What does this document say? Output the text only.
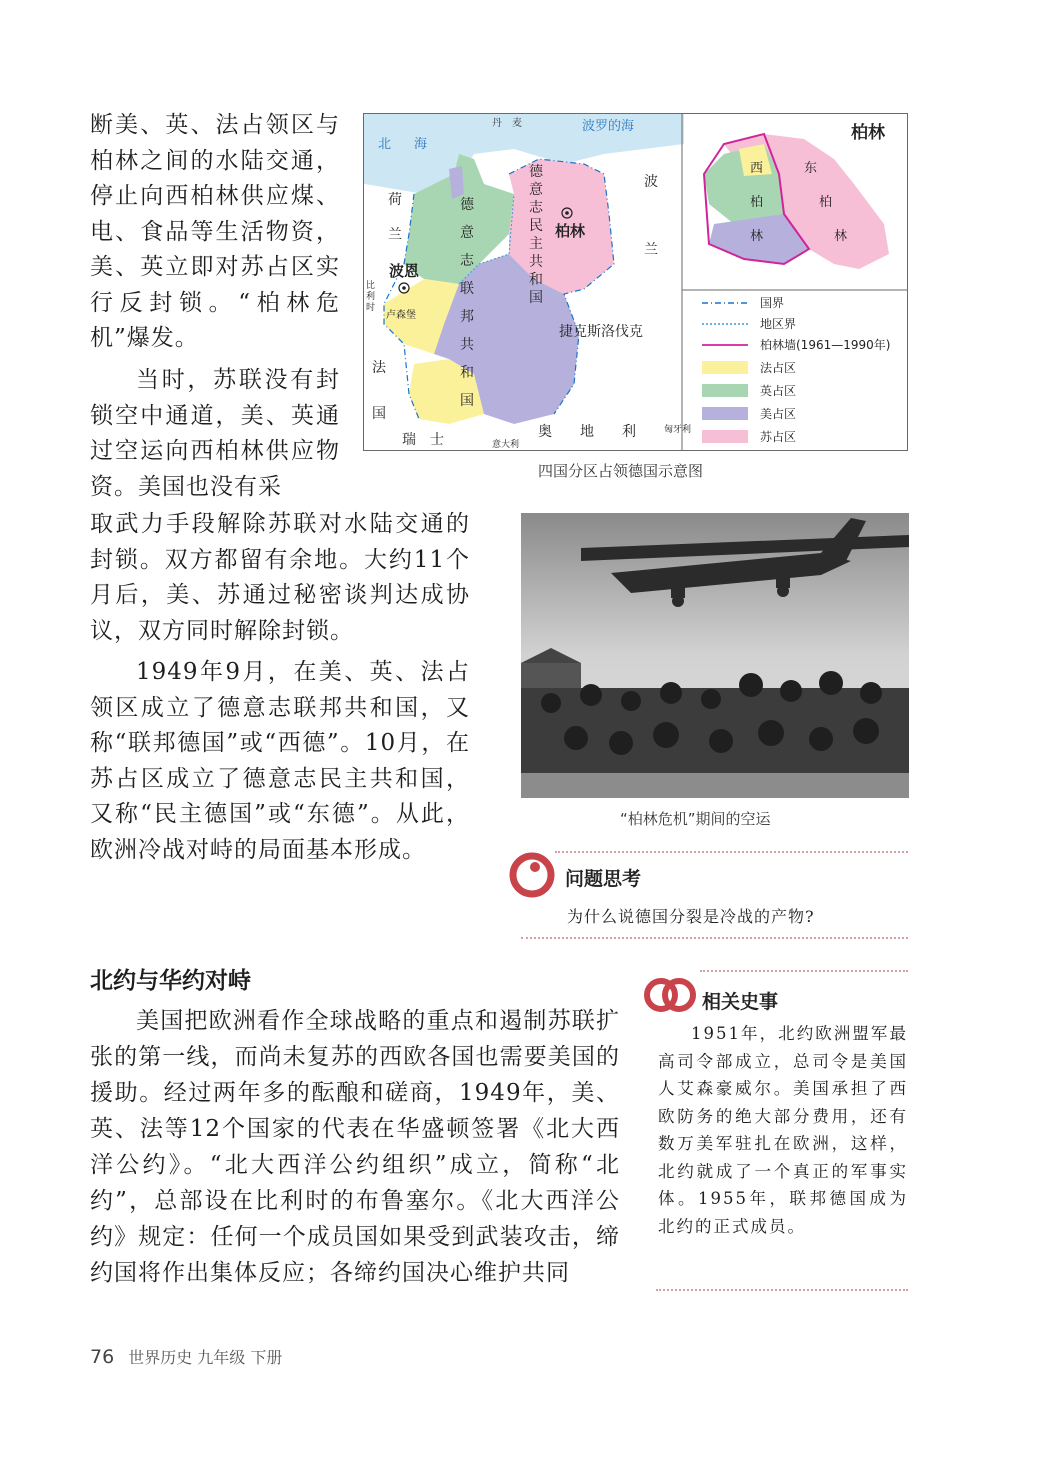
断美、英、法占领区与柏林之间的水陆交通，停止向西柏林供应煤、电、食品等生活物资，美、英立即对苏占区实行反封锁。“柏林危机”爆发。

当时，苏联没有封锁空中通道，美、英通过空运向西柏林供应物资。美国也没有采

取武力手段解除苏联对水陆交通的封锁。双方都留有余地。大约11个月后，美、苏通过秘密谈判达成协议，双方同时解除封锁。

1949年9月，在美、英、法占领区成立了德意志联邦共和国，又称“联邦德国”或“西德”。10月，在苏占区成立了德意志民主共和国，又称“民主德国”或“东德”。从此，欧洲冷战对峙的局面基本形成。

丹　麦	波罗的海
北 海
荷
兰
德
意
志
联
邦
共
和
国
德
意
志
民
主
共
和
国
柏林
波恩
比
利
时
卢森堡
法
国
波
兰
捷克斯洛伐克
瑞　士	奥　　地　　利
意大利
匈牙利
柏林
西
柏
林
东
柏
林
国界
地区界
柏林墙(1961—1990年)
法占区
英占区
美占区
苏占区

四国分区占领德国示意图

“柏林危机”期间的空运

问题思考

为什么说德国分裂是冷战的产物?

北约与华约对峙

美国把欧洲看作全球战略的重点和遏制苏联扩张的第一线，而尚未复苏的西欧各国也需要美国的援助。经过两年多的酝酿和磋商，1949年，美、英、法等12个国家的代表在华盛顿签署《北大西洋公约》。“北大西洋公约组织”成立，简称“北约”，总部设在比利时的布鲁塞尔。《北大西洋公约》规定：任何一个成员国如果受到武装攻击，缔约国将作出集体反应；各缔约国决心维护共同

相关史事

1951年，北约欧洲盟军最高司令部成立，总司令是美国人艾森豪威尔。美国承担了西欧防务的绝大部分费用，还有数万美军驻扎在欧洲，这样，北约就成了一个真正的军事实体。1955年，联邦德国成为北约的正式成员。

76 世界历史 九年级 下册
